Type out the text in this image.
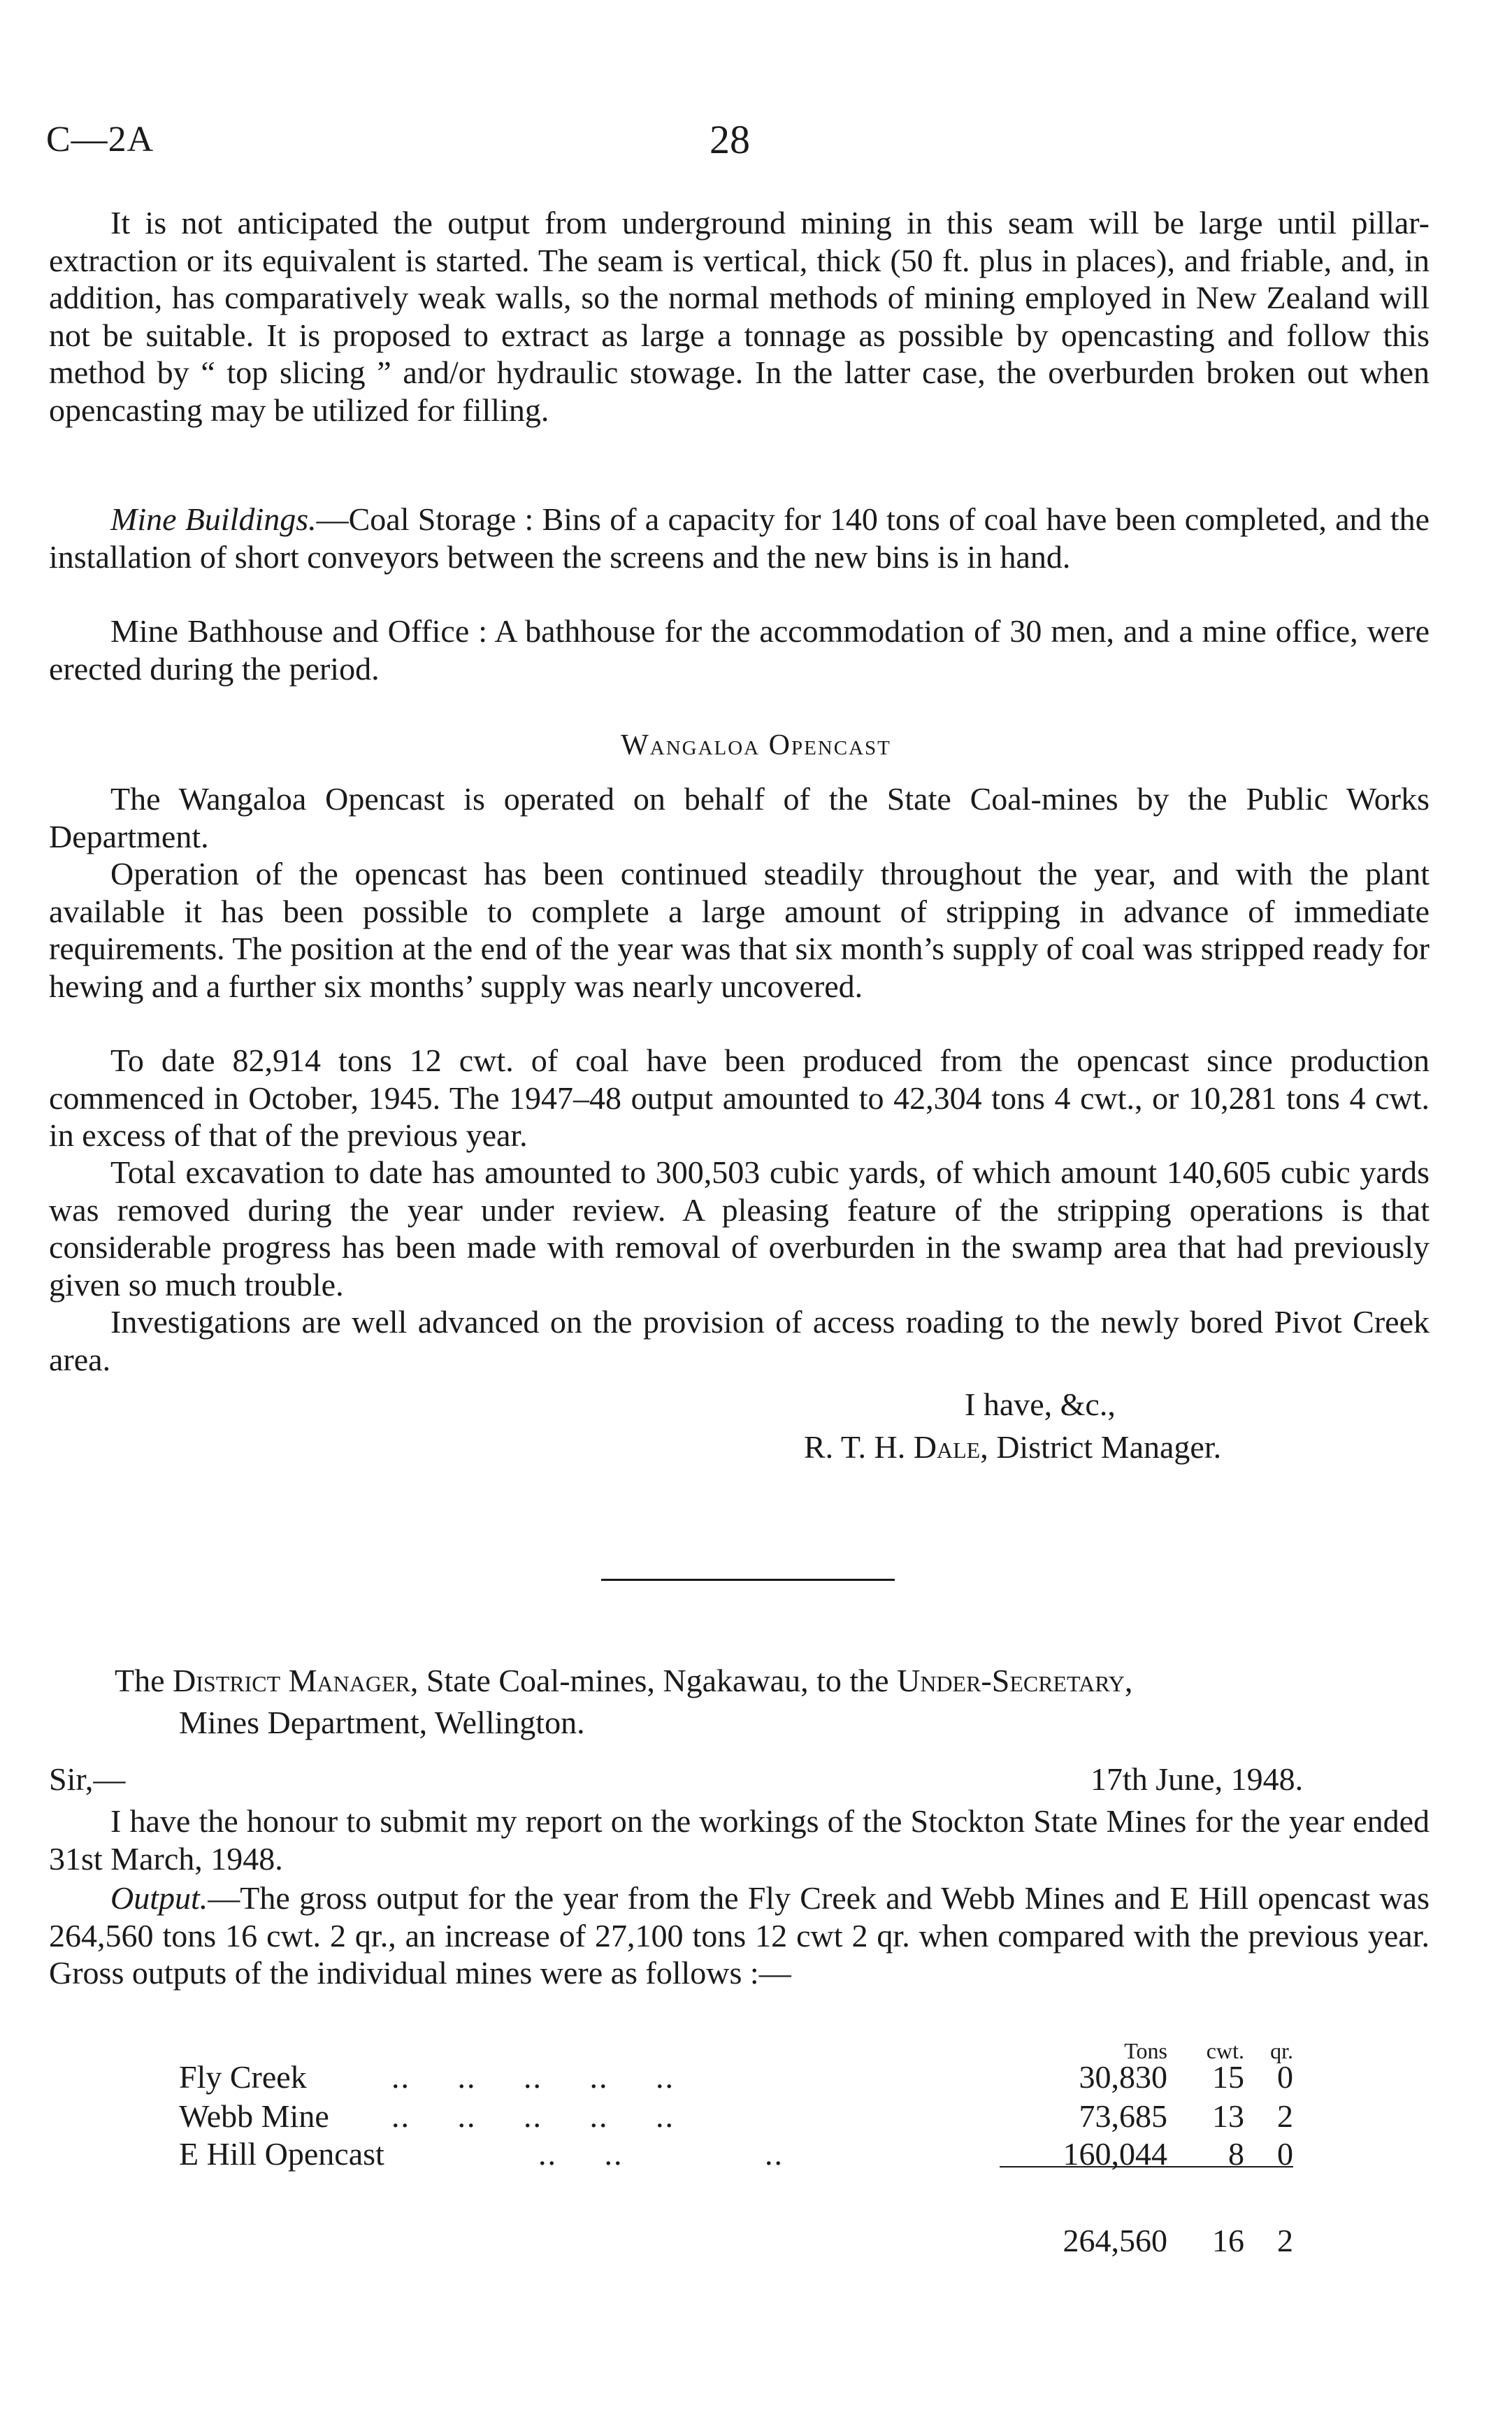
C—2A	28

It is not anticipated the output from underground mining in this seam will be large until pillar-extraction or its equivalent is started. The seam is vertical, thick (50 ft. plus in places), and friable, and, in addition, has comparatively weak walls, so the normal methods of mining employed in New Zealand will not be suitable. It is proposed to extract as large a tonnage as possible by opencasting and follow this method by “ top slicing ” and/or hydraulic stowage. In the latter case, the overburden broken out when opencasting may be utilized for filling.

Mine Buildings.—Coal Storage : Bins of a capacity for 140 tons of coal have been completed, and the installation of short conveyors between the screens and the new bins is in hand.

Mine Bathhouse and Office : A bathhouse for the accommodation of 30 men, and a mine office, were erected during the period.

Wangaloa Opencast

The Wangaloa Opencast is operated on behalf of the State Coal-mines by the Public Works Department.

Operation of the opencast has been continued steadily throughout the year, and with the plant available it has been possible to complete a large amount of stripping in advance of immediate requirements. The position at the end of the year was that six month’s supply of coal was stripped ready for hewing and a further six months’ supply was nearly uncovered.

To date 82,914 tons 12 cwt. of coal have been produced from the opencast since production commenced in October, 1945. The 1947–48 output amounted to 42,304 tons 4 cwt., or 10,281 tons 4 cwt. in excess of that of the previous year.

Total excavation to date has amounted to 300,503 cubic yards, of which amount 140,605 cubic yards was removed during the year under review. A pleasing feature of the stripping operations is that considerable progress has been made with removal of overburden in the swamp area that had previously given so much trouble.

Investigations are well advanced on the provision of access roading to the newly bored Pivot Creek area.

I have, &c.,
R. T. H. Dale, District Manager.
The District Manager, State Coal-mines, Ngakawau, to the Under-Secretary,
Mines Department, Wellington.
Sir,—	17th June, 1948.

I have the honour to submit my report on the workings of the Stockton State Mines for the year ended 31st March, 1948.

Output.—The gross output for the year from the Fly Creek and Webb Mines and E Hill opencast was 264,560 tons 16 cwt. 2 qr., an increase of 27,100 tons 12 cwt 2 qr. when compared with the previous year. Gross outputs of the individual mines were as follows :—

Tons	cwt.	qr.
Fly Creek	..     ..     ..     ..     ..	30,830	15	0
Webb Mine ..     ..     ..     ..     ..	73,685	13	2
E Hill Opencast	..     ..               ..	160,044	8	0
264,560	16	2
